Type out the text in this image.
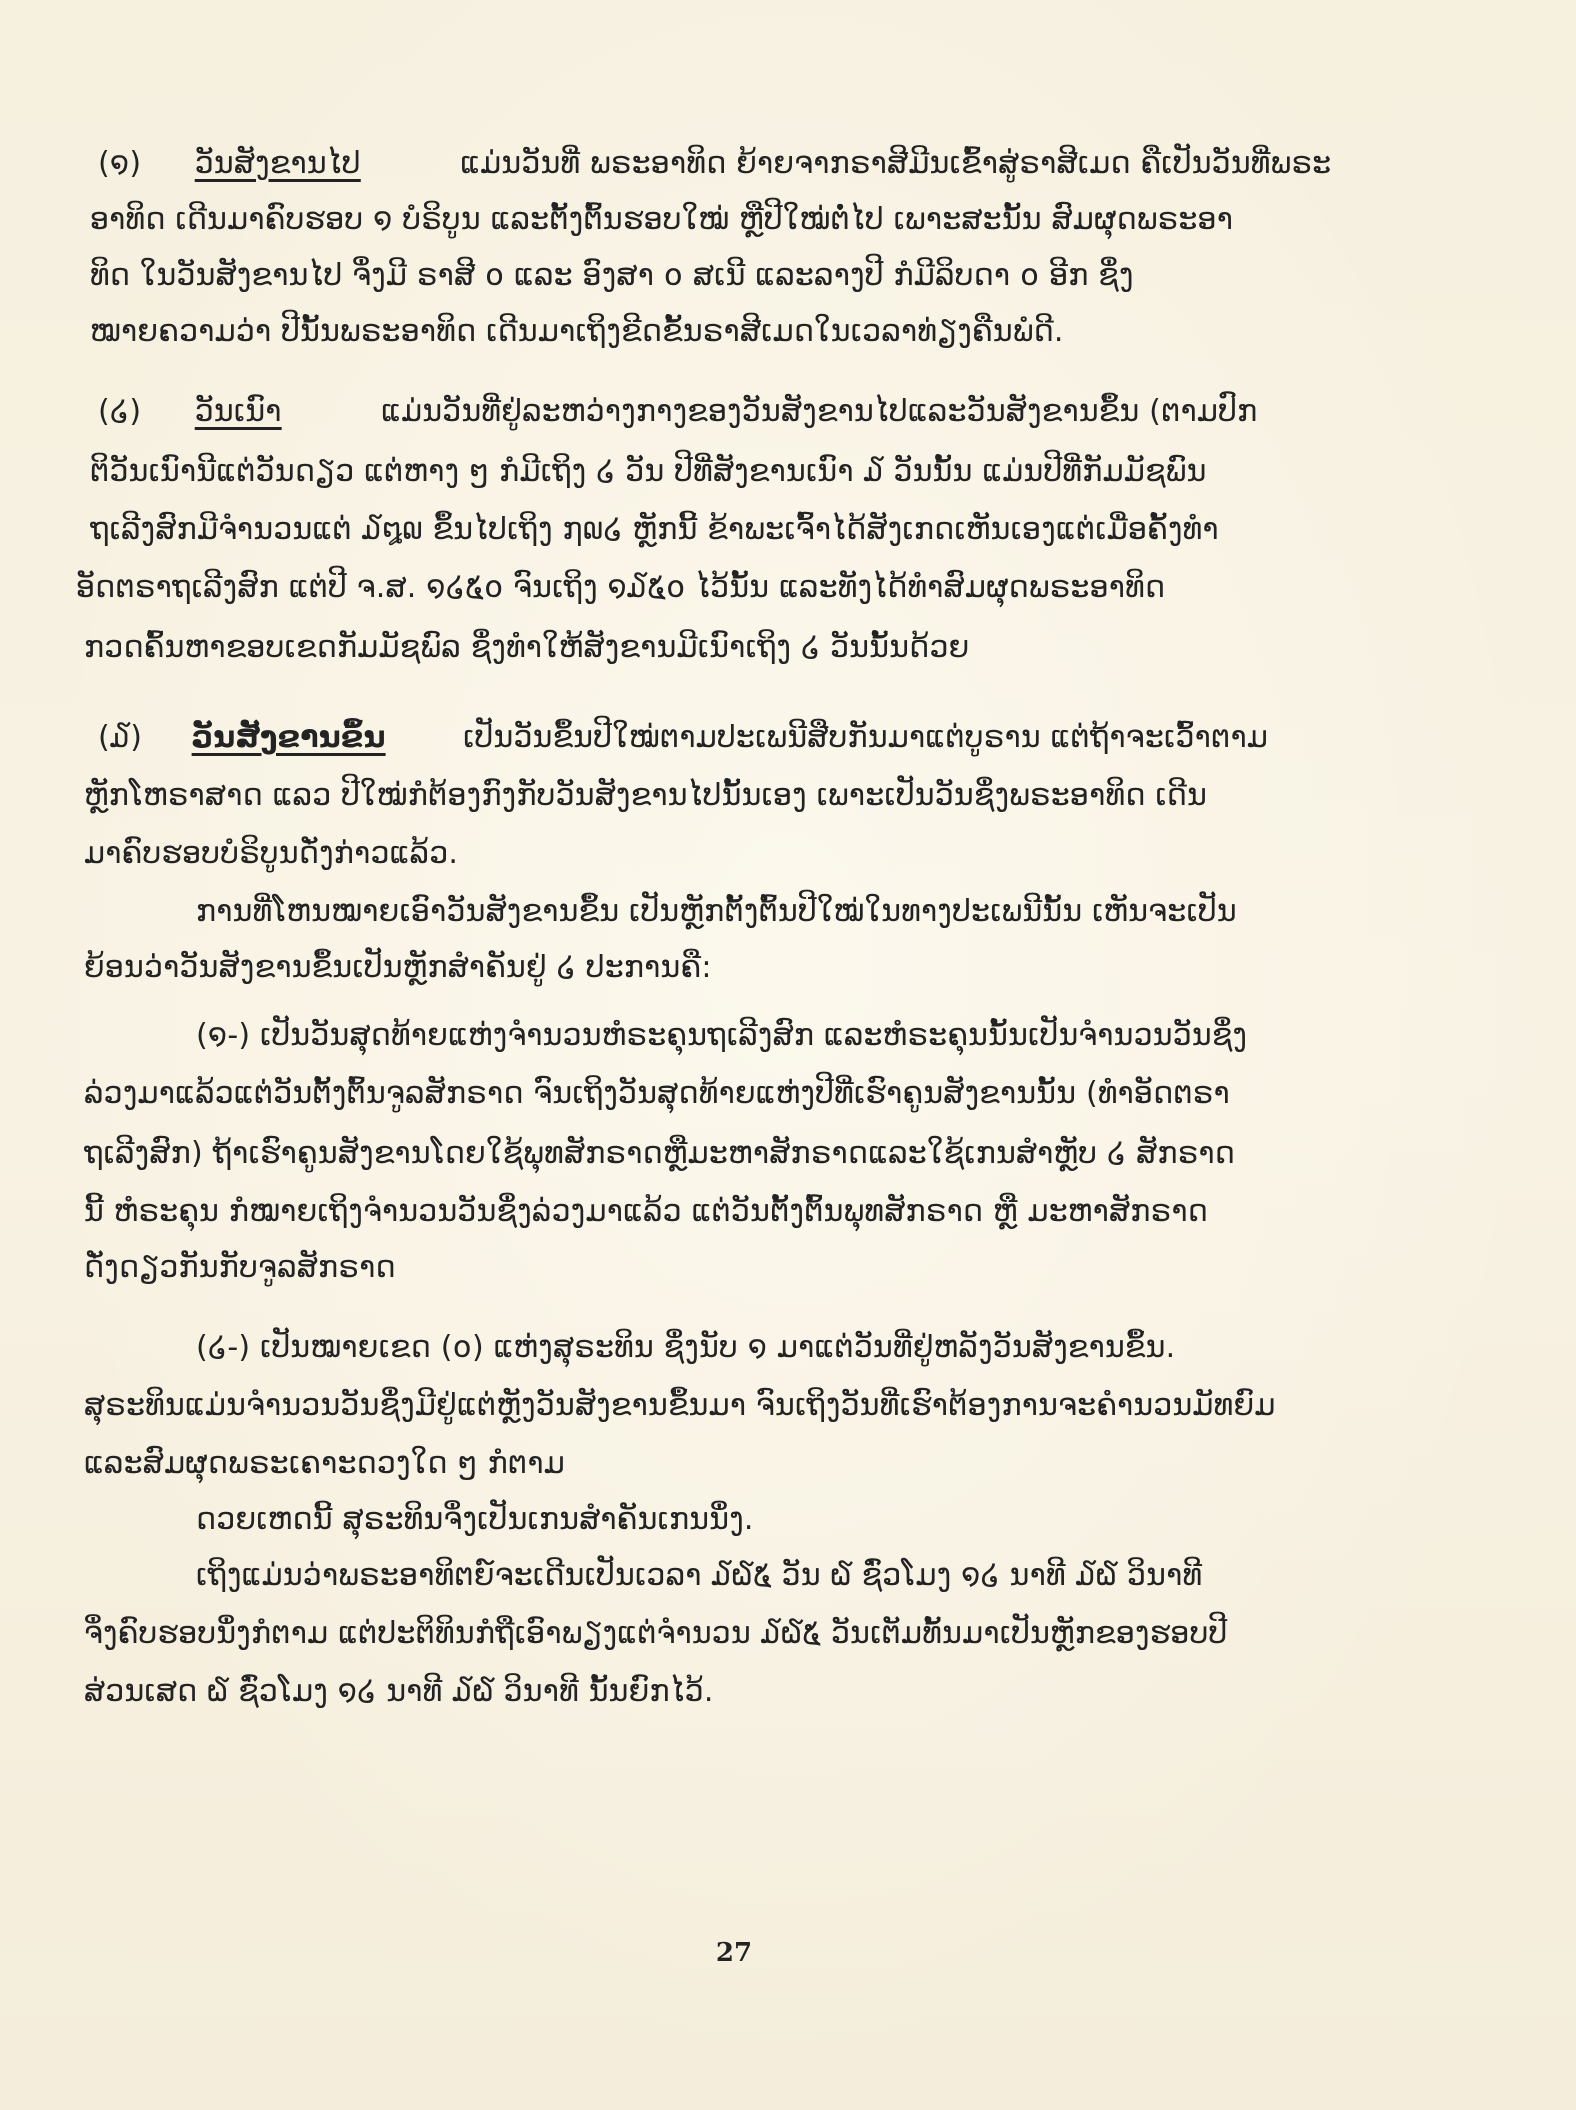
(໑) ວັນສັງຂານໄປ	ແມ່ນວັນທີ່ ພຣະອາທິດ ຍ້າຍຈາກຣາສີມີນເຂົ້າສູ່ຣາສີເມດ ຄືເປັນວັນທີ່ພຣະ
ອາທິດ ເດີນມາຄົບຮອບ ໑ ບໍຣິບູນ ແລະຕັ້ງຕົ້ນຮອບໃໝ່ ຫຼືປີໃໝ່ຕໍ່ໄປ ເພາະສະນັ້ນ ສົມຜຸດພຣະອາ
ທິດ ໃນວັນສັງຂານໄປ ຈຶ່ງມີ ຣາສີ ໐ ແລະ ອົງສາ ໐ ສເນີ ແລະລາງປີ ກໍມີລິບດາ ໐ ອີກ ຊຶ່ງ
ໝາຍຄວາມວ່າ ປີນັ້ນພຣະອາທິດ ເດີນມາເຖິງຂີດຂັ້ນຣາສີເມດໃນເວລາທ່ຽງຄືນພໍດີ.
(໒) ວັນເນົາ	ແມ່ນວັນທີ່ຢູ່ລະຫວ່າງກາງຂອງວັນສັງຂານໄປແລະວັນສັງຂານຂຶ້ນ (ຕາມປົກ
ຕິວັນເນົານີແຕ່ວັນດຽວ ແຕ່ຫາງ ໆ ກໍມີເຖິງ ໒ ວັນ ປີທີ່ສັງຂານເນົາ ໓ ວັນນັ້ນ ແມ່ນປີທີ່ກັມມັຊພົນ
ຖເລີງສົກມີຈຳນວນແຕ່ ໓໘໙ ຂຶ້ນໄປເຖິງ ໗໙໒ ຫຼັກນີ້ ຂ້າພະເຈົ້າໄດ້ສັງເກດເຫັນເອງແຕ່ເມື່ອຄັ້ງທຳ
ອັດຕຣາຖເລີງສົກ ແຕ່ປີ ຈ.ສ. ໑໒໕໐ ຈົນເຖິງ ໑໓໕໐ ໄວ້ນັ້ນ ແລະທັງໄດ້ທຳສົມຜຸດພຣະອາທິດ
ກວດຄົ້ນຫາຂອບເຂດກັມມັຊພົລ ຊຶ່ງທຳໃຫ້ສັງຂານມີເນົາເຖິງ ໒ ວັນນັ້ນດ້ວຍ
(໓) ວັນສັງຂານຂຶ້ນ	ເປັນວັນຂຶ້ນປີໃໝ່ຕາມປະເພນີສືບກັນມາແຕ່ບູຣານ ແຕ່ຖ້າຈະເວົ້າຕາມ
ຫຼັກໂຫຣາສາດ ແລວ ປີໃໝ່ກໍຕ້ອງກົງກັບວັນສັງຂານໄປນັ້ນເອງ ເພາະເປັນວັນຊຶ່ງພຣະອາທິດ ເດີນ
ມາຄົບຮອບບໍຣິບູນດັ່ງກ່າວແລ້ວ.
ການທີ່ໂຫນໝາຍເອົາວັນສັງຂານຂຶ້ນ ເປັນຫຼັກຕັ້ງຕົ້ນປີໃໝ່ໃນທາງປະເພນີນັ້ນ ເຫັນຈະເປັນ
ຍ້ອນວ່າວັນສັງຂານຂຶ້ນເປັນຫຼັກສຳຄັນຢູ່ ໒ ປະການຄື:
(໑-) ເປັນວັນສຸດທ້າຍແຫ່ງຈຳນວນຫໍຣະຄຸນຖເລີງສົກ ແລະຫໍຣະຄຸນນັ້ນເປັນຈຳນວນວັນຊຶ່ງ
ລ່ວງມາແລ້ວແຕ່ວັນຕັ້ງຕົ້ນຈູລສັກຣາດ ຈົນເຖິງວັນສຸດທ້າຍແຫ່ງປີທີ່ເຮົາຄູນສັງຂານນັ້ນ (ທຳອັດຕຣາ
ຖເລີງສົກ) ຖ້າເຮົາຄູນສັງຂານໂດຍໃຊ້ພຸທສັກຣາດຫຼືມະຫາສັກຣາດແລະໃຊ້ເກນສຳຫຼັບ ໒ ສັກຣາດ
ນີ້ ຫໍຣະຄຸນ ກໍໝາຍເຖິງຈຳນວນວັນຊຶ່ງລ່ວງມາແລ້ວ ແຕ່ວັນຕັ້ງຕົ້ນພຸທສັກຣາດ ຫຼື ມະຫາສັກຣາດ
ດັ່ງດຽວກັນກັບຈູລສັກຣາດ
(໒-) ເປັນໝາຍເຂດ (໐) ແຫ່ງສຸຣະທິນ ຊຶ່ງນັບ ໑ ມາແຕ່ວັນທີ່ຢູ່ຫລັງວັນສັງຂານຂຶ້ນ.
ສຸຣະທິນແມ່ນຈຳນວນວັນຊຶ່ງມີຢູ່ແຕ່ຫຼັງວັນສັງຂານຂຶ້ນມາ ຈົນເຖິງວັນທີ່ເຮົາຕ້ອງການຈະຄຳນວນມັທຍົມ
ແລະສົມຜຸດພຣະເຄາະດວງໃດ ໆ ກໍຕາມ
ດວຍເຫດນີ້ ສຸຣະທິນຈຶ່ງເປັນເກນສຳຄັນເກນນຶ່ງ.
ເຖິງແມ່ນວ່າພຣະອາທິຕຍ໌ຈະເດີນເປັນເວລາ ໓໖໕ ວັນ ໖ ຊົ່ວໂມງ ໑໒ ນາທີ ໓໖ ວິນາທີ
ຈຶ່ງຄົບຮອບນຶ່ງກໍຕາມ ແຕ່ປະຕິທິນກໍຖືເອົາພຽງແຕ່ຈຳນວນ ໓໖໕ ວັນເຕັມທັ້ນມາເປັນຫຼັກຂອງຮອບປີ
ສ່ວນເສດ ໖ ຊົ່ວໂມງ ໑໒ ນາທີ ໓໖ ວິນາທີ ນັ້ນຍົກໄວ້.
27
